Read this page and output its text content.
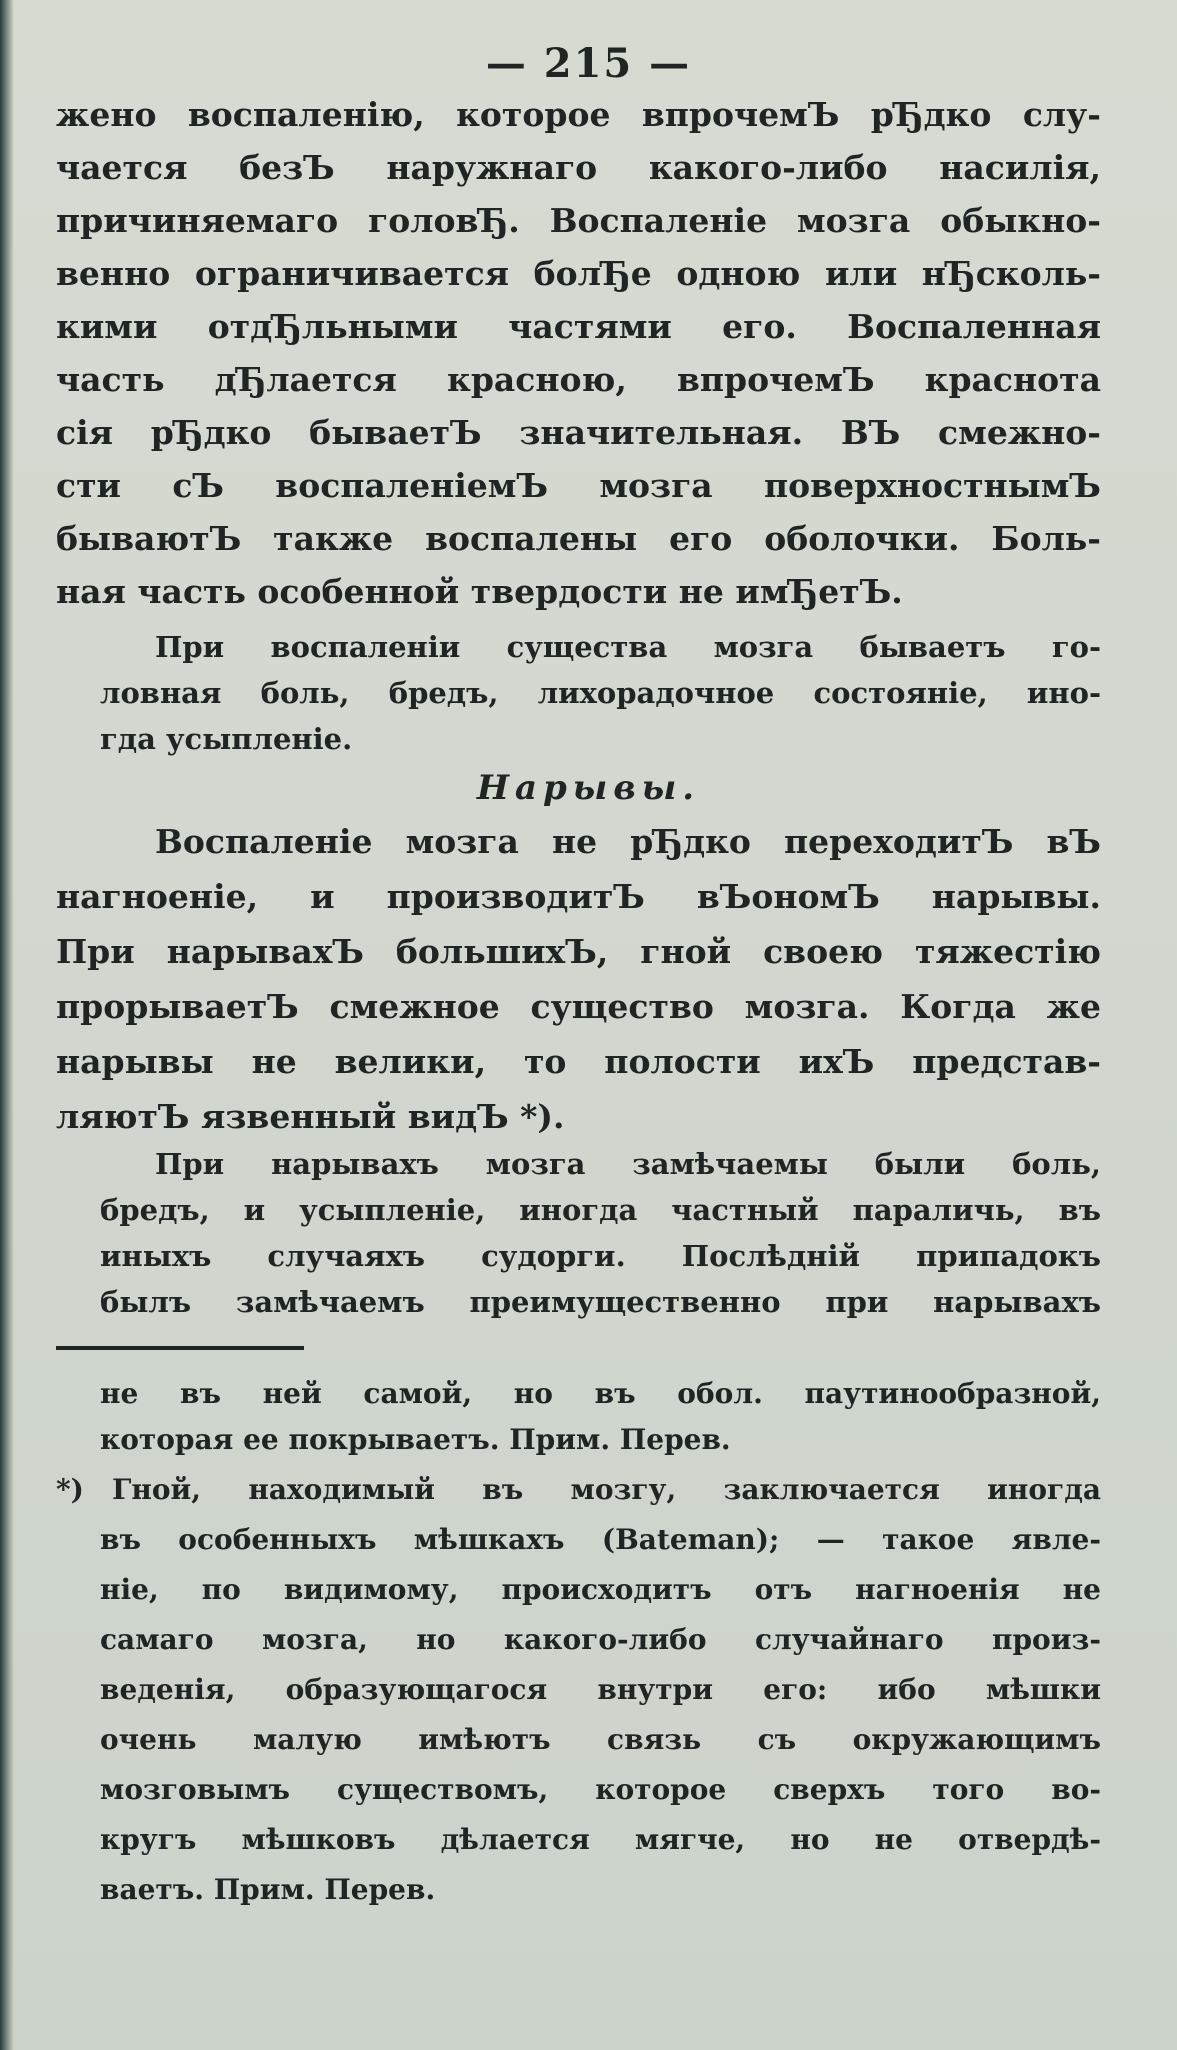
— 215 —
жено воспаленію, которое впрочемЪ рЂдко слу-
чается безЪ наружнаго какого-либо насилія,
причиняемаго головЂ. Воспаленіе мозга обыкно-
венно ограничивается болЂе одною или нЂсколь-
кими отдЂльными частями его. Воспаленная
часть дЂлается красною, впрочемЪ краснота
сія рЂдко бываетЪ значительная. ВЪ смежно-
сти сЪ воспаленіемЪ мозга поверхностнымЪ
бываютЪ также воспалены его оболочки. Боль-
ная часть особенной твердости не имЂетЪ.
При воспаленіи существа мозга бываетъ го-
ловная боль, бредъ, лихорадочное состояніе, ино-
гда усыпленіе.
Нарывы.
Воспаленіе мозга не рЂдко переходитЪ вЪ
нагноеніе, и производитЪ вЪономЪ нарывы.
При нарывахЪ большихЪ, гной своею тяжестію
прорываетЪ смежное существо мозга. Когда же
нарывы не велики, то полости ихЪ представ-
ляютЪ язвенный видЪ *).
При нарывахъ мозга замѣчаемы были боль,
бредъ, и усыпленіе, иногда частный параличь, въ
иныхъ случаяхъ судорги. Послѣдній припадокъ
былъ замѣчаемъ преимущественно при нарывахъ
не въ ней самой, но въ обол. паутинообразной,
которая ее покрываетъ. Прим. Перев.
*)	Гной, находимый въ мозгу, заключается иногда
въ особенныхъ мѣшкахъ (Bateman); — такое явле-
ніе, по видимому, происходитъ отъ нагноенія не
самаго мозга, но какого-либо случайнаго произ-
веденія, образующагося внутри его: ибо мѣшки
очень малую имѣютъ связь съ окружающимъ
мозговымъ существомъ, которое сверхъ того во-
кругъ мѣшковъ дѣлается мягче, но не отвердѣ-
ваетъ. Прим. Перев.
